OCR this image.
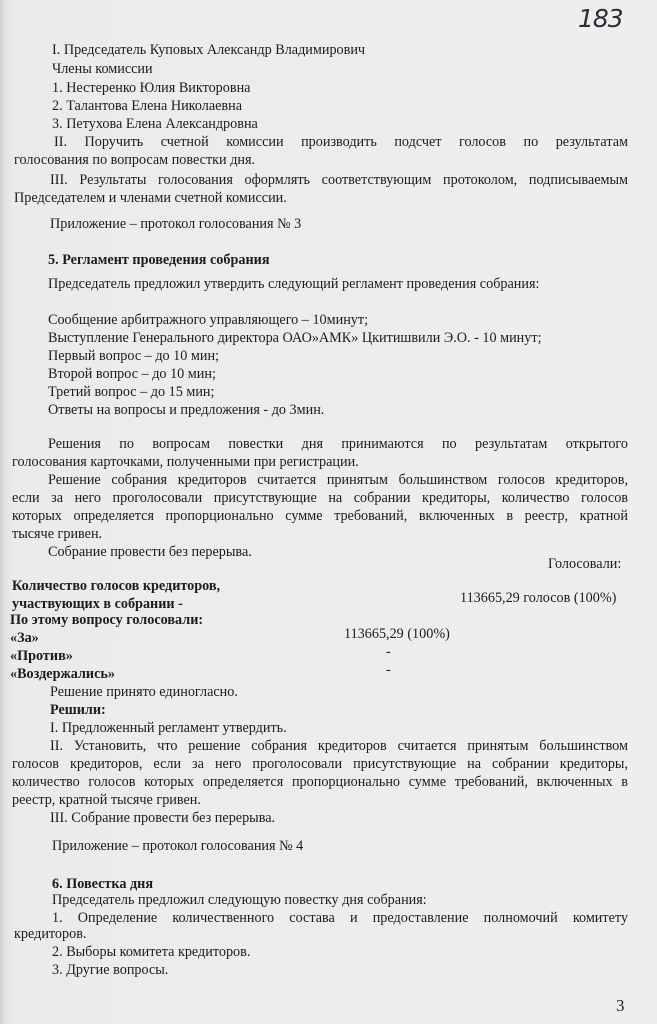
183
I. Председатель Куповых Александр Владимирович
Члены комиссии
1. Нестеренко Юлия Викторовна
2. Талантова Елена Николаевна
3. Петухова Елена Александровна
II. Поручить счетной комиссии производить подсчет голосов по результатам
голосования по вопросам повестки дня.
III. Результаты голосования оформлять соответствующим протоколом, подписываемым
Председателем и членами счетной комиссии.
Приложение – протокол голосования № 3
5. Регламент проведения собрания
Председатель предложил утвердить следующий регламент проведения собрания:
Сообщение арбитражного управляющего – 10минут;
Выступление Генерального директора ОАО»АМК» Цкитишвили Э.О. - 10 минут;
Первый вопрос – до 10 мин;
Второй вопрос – до 10 мин;
Третий вопрос – до 15 мин;
Ответы на вопросы и предложения - до 3мин.
Решения по вопросам повестки дня принимаются по результатам открытого
голосования карточками, полученными при регистрации.
Решение собрания кредиторов считается принятым большинством голосов кредиторов,
если за него проголосовали присутствующие на собрании кредиторы, количество голосов
которых определяется пропорционально сумме требований, включенных в реестр, кратной
тысяче гривен.
Собрание провести без перерыва.
Голосовали:
Количество голосов кредиторов,
участвующих в собрании -	113665,29 голосов (100%)
По этому вопросу голосовали:
«За»	113665,29 (100%)
«Против»	-
«Воздержались»	-
Решение принято единогласно.
Решили:
I. Предложенный регламент утвердить.
II. Установить, что решение собрания кредиторов считается принятым большинством
голосов кредиторов, если за него проголосовали присутствующие на собрании кредиторы,
количество голосов которых определяется пропорционально сумме требований, включенных в
реестр, кратной тысяче гривен.
III. Собрание провести без перерыва.
Приложение – протокол голосования № 4
6. Повестка дня
Председатель предложил следующую повестку дня собрания:
1. Определение количественного состава и предоставление полномочий комитету
кредиторов.
2. Выборы комитета кредиторов.
3. Другие вопросы.
3
